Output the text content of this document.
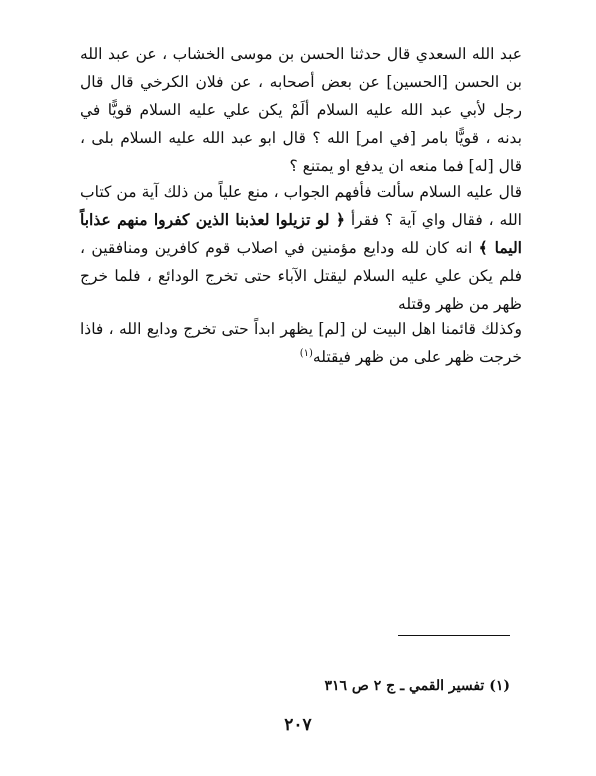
عبد الله السعدي قال حدثنا الحسن بن موسى الخشاب ، عن عبد الله بن الحسن [الحسين] عن بعض أصحابه ، عن فلان الكرخي قال قال رجل لأبي عبد الله عليه السلام ألَمْ يكن علي عليه السلام قويًّا في بدنه ، قويًّا بامر [في امر] الله ؟ قال ابو عبد الله عليه السلام بلى ، قال [له] فما منعه ان يدفع او يمتنع ؟

قال عليه السلام سألت فأفهم الجواب ، منع علياً من ذلك آية من كتاب الله ، فقال واي آية ؟ فقرأ ﴿ لو تزيلوا لعذبنا الذين كفروا منهم عذاباً اليما ﴾ انه كان لله ودايع مؤمنين في اصلاب قوم كافرين ومنافقين ، فلم يكن علي عليه السلام ليقتل الآباء حتى تخرج الودائع ، فلما خرج ظهر من ظهر وقتله

وكذلك قائمنا اهل البيت لن [لم] يظهر ابداً حتى تخرج ودايع الله ، فاذا خرجت ظهر على من ظهر فيقتله$^{(١)}$

(١) تفسير القمي ـ ج ٢ ص ٣١٦
٢٠٧
